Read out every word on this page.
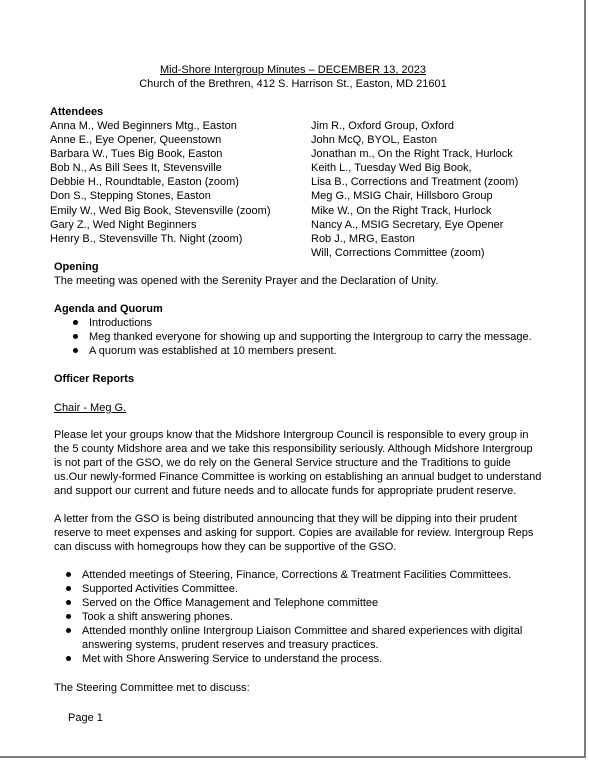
Mid-Shore Intergroup Minutes – DECEMBER 13, 2023
Church of the Brethren, 412 S. Harrison St., Easton, MD 21601
Attendees
Anna M., Wed Beginners Mtg., Easton
Anne E., Eye Opener, Queenstown
Barbara W., Tues Big Book, Easton
Bob N., As Bill Sees It, Stevensville
Debbie H., Roundtable, Easton (zoom)
Don S., Stepping Stones, Easton
Emily W., Wed Big Book, Stevensville (zoom)
Gary Z., Wed Night Beginners
Henry B., Stevensville Th. Night (zoom)
Jim R., Oxford Group, Oxford
John McQ, BYOL, Easton
Jonathan m., On the Right Track, Hurlock
Keith L., Tuesday Wed Big Book,
Lisa B., Corrections and Treatment (zoom)
Meg G., MSIG Chair, Hillsboro Group
Mike W., On the Right Track, Hurlock
Nancy A., MSIG Secretary, Eye Opener
Rob J., MRG, Easton
Will, Corrections Committee (zoom)
Opening
The meeting was opened with the Serenity Prayer and the Declaration of Unity.
Agenda and Quorum
Introductions
Meg thanked everyone for showing up and supporting the Intergroup to carry the message.
A quorum was established at 10 members present.
Officer Reports
Chair - Meg G.
Please let your groups know that the Midshore Intergroup Council is responsible to every group in the 5 county Midshore area and we take this responsibility seriously. Although Midshore Intergroup is not part of the GSO, we do rely on the General Service structure and the Traditions to guide us.Our newly-formed Finance Committee is working on establishing an annual budget to understand and support our current and future needs and to allocate funds for appropriate prudent reserve.
A letter from the GSO is being distributed announcing that they will be dipping into their prudent reserve to meet expenses and asking for support. Copies are available for review. Intergroup Reps can discuss with homegroups how they can be supportive of the GSO.
Attended meetings of Steering, Finance, Corrections & Treatment Facilities Committees.
Supported Activities Committee.
Served on the Office Management and Telephone committee
Took a shift answering phones.
Attended monthly online Intergroup Liaison Committee and shared experiences with digital answering systems, prudent reserves and treasury practices.
Met with Shore Answering Service to understand the process.
The Steering Committee met to discuss:
Page 1
